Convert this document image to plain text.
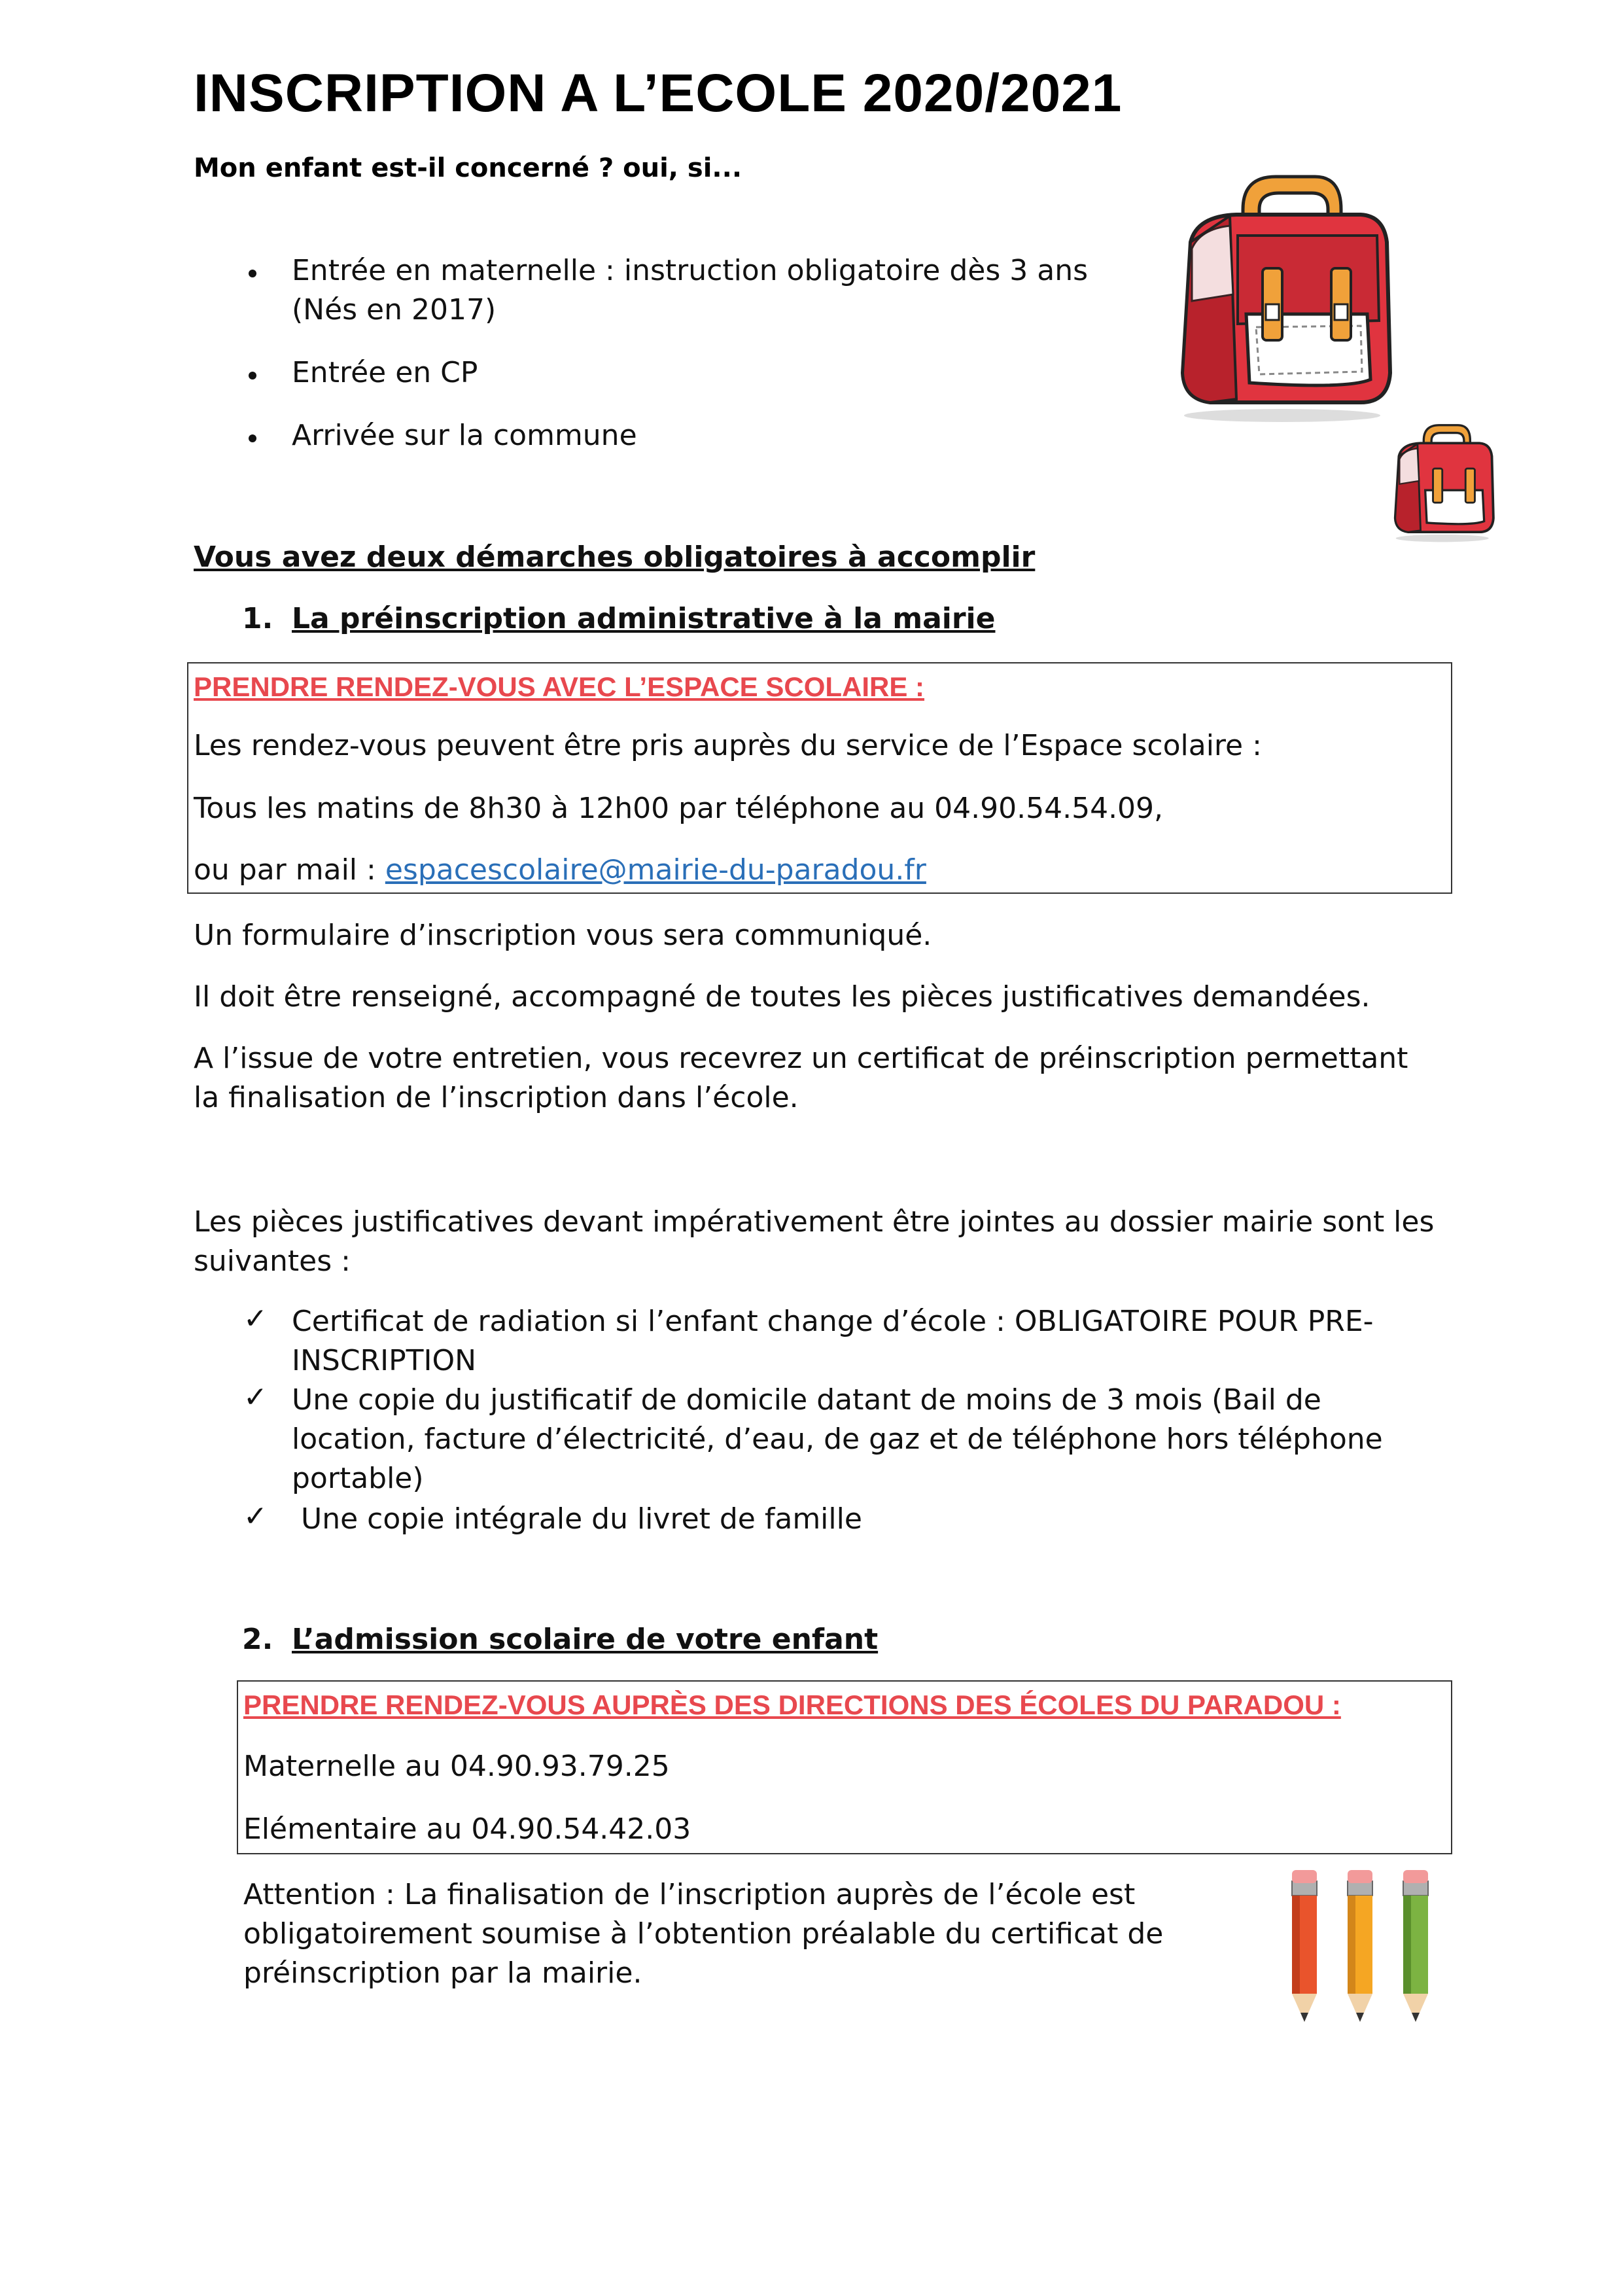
INSCRIPTION A L’ECOLE 2020/2021
Mon enfant est-il concerné ? oui, si...
Entrée en maternelle : instruction obligatoire dès 3 ans
(Nés en 2017)
Entrée en CP
Arrivée sur la commune
Vous avez deux démarches obligatoires à accomplir
1. La préinscription administrative à la mairie
PRENDRE RENDEZ-VOUS AVEC L’ESPACE SCOLAIRE :
Les rendez-vous peuvent être pris auprès du service de l’Espace scolaire :
Tous les matins de 8h30 à 12h00 par téléphone au 04.90.54.54.09,
ou par mail : espacescolaire@mairie-du-paradou.fr
Un formulaire d’inscription vous sera communiqué.
Il doit être renseigné, accompagné de toutes les pièces justificatives demandées.
A l’issue de votre entretien, vous recevrez un certificat de préinscription permettant
la finalisation de l’inscription dans l’école.
Les pièces justificatives devant impérativement être jointes au dossier mairie sont les
suivantes :
✓ Certificat de radiation si l’enfant change d’école : OBLIGATOIRE POUR PRE-
INSCRIPTION
✓ Une copie du justificatif de domicile datant de moins de 3 mois (Bail de
location, facture d’électricité, d’eau, de gaz et de téléphone hors téléphone
portable)
✓ Une copie intégrale du livret de famille
2. L’admission scolaire de votre enfant
PRENDRE RENDEZ-VOUS AUPRÈS DES DIRECTIONS DES ÉCOLES DU PARADOU :
Maternelle au 04.90.93.79.25
Elémentaire au 04.90.54.42.03
Attention : La finalisation de l’inscription auprès de l’école est
obligatoirement soumise à l’obtention préalable du certificat de
préinscription par la mairie.
